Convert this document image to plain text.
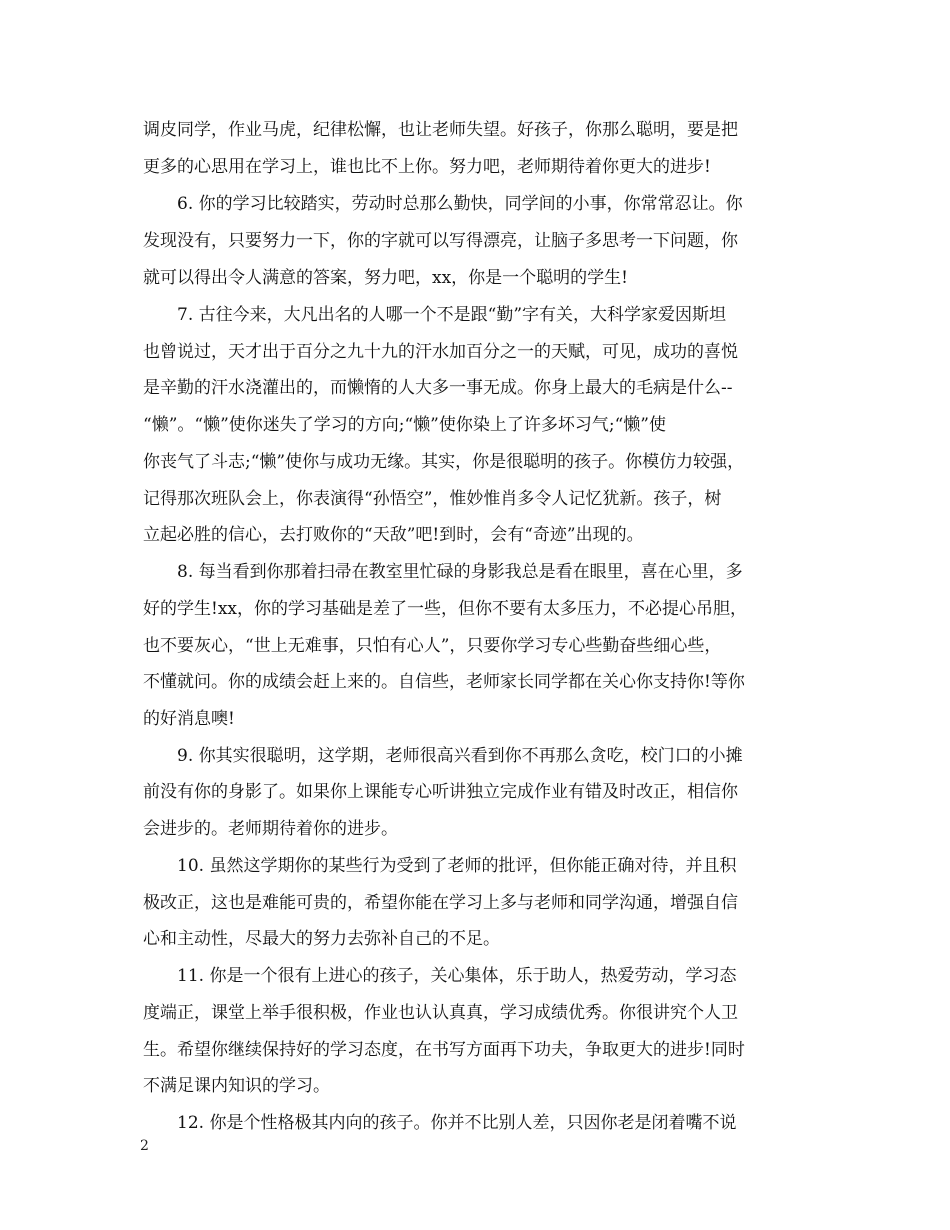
调皮同学，作业马虎，纪律松懈，也让老师失望。好孩子，你那么聪明，要是把
更多的心思用在学习上，谁也比不上你。努力吧，老师期待着你更大的进步!
6. 你的学习比较踏实，劳动时总那么勤快，同学间的小事，你常常忍让。你
发现没有，只要努力一下，你的字就可以写得漂亮，让脑子多思考一下问题，你
就可以得出令人满意的答案，努力吧，xx，你是一个聪明的学生!
7. 古往今来，大凡出名的人哪一个不是跟“勤”字有关，大科学家爱因斯坦
也曾说过，天才出于百分之九十九的汗水加百分之一的天赋，可见，成功的喜悦
是辛勤的汗水浇灌出的，而懒惰的人大多一事无成。你身上最大的毛病是什么--
“懒”。“懒”使你迷失了学习的方向;“懒”使你染上了许多坏习气;“懒”使
你丧气了斗志;“懒”使你与成功无缘。其实，你是很聪明的孩子。你模仿力较强，
记得那次班队会上，你表演得“孙悟空”，惟妙惟肖多令人记忆犹新。孩子，树
立起必胜的信心，去打败你的“天敌”吧!到时，会有“奇迹”出现的。
8. 每当看到你那着扫帚在教室里忙碌的身影我总是看在眼里，喜在心里，多
好的学生!xx，你的学习基础是差了一些，但你不要有太多压力，不必提心吊胆，
也不要灰心，“世上无难事，只怕有心人”，只要你学习专心些勤奋些细心些，
不懂就问。你的成绩会赶上来的。自信些，老师家长同学都在关心你支持你!等你
的好消息噢!
9. 你其实很聪明，这学期，老师很高兴看到你不再那么贪吃，校门口的小摊
前没有你的身影了。如果你上课能专心听讲独立完成作业有错及时改正，相信你
会进步的。老师期待着你的进步。
10. 虽然这学期你的某些行为受到了老师的批评，但你能正确对待，并且积
极改正，这也是难能可贵的，希望你能在学习上多与老师和同学沟通，增强自信
心和主动性，尽最大的努力去弥补自己的不足。
11. 你是一个很有上进心的孩子，关心集体，乐于助人，热爱劳动，学习态
度端正，课堂上举手很积极，作业也认认真真，学习成绩优秀。你很讲究个人卫
生。希望你继续保持好的学习态度，在书写方面再下功夫，争取更大的进步!同时
不满足课内知识的学习。
12. 你是个性格极其内向的孩子。你并不比别人差，只因你老是闭着嘴不说
2
